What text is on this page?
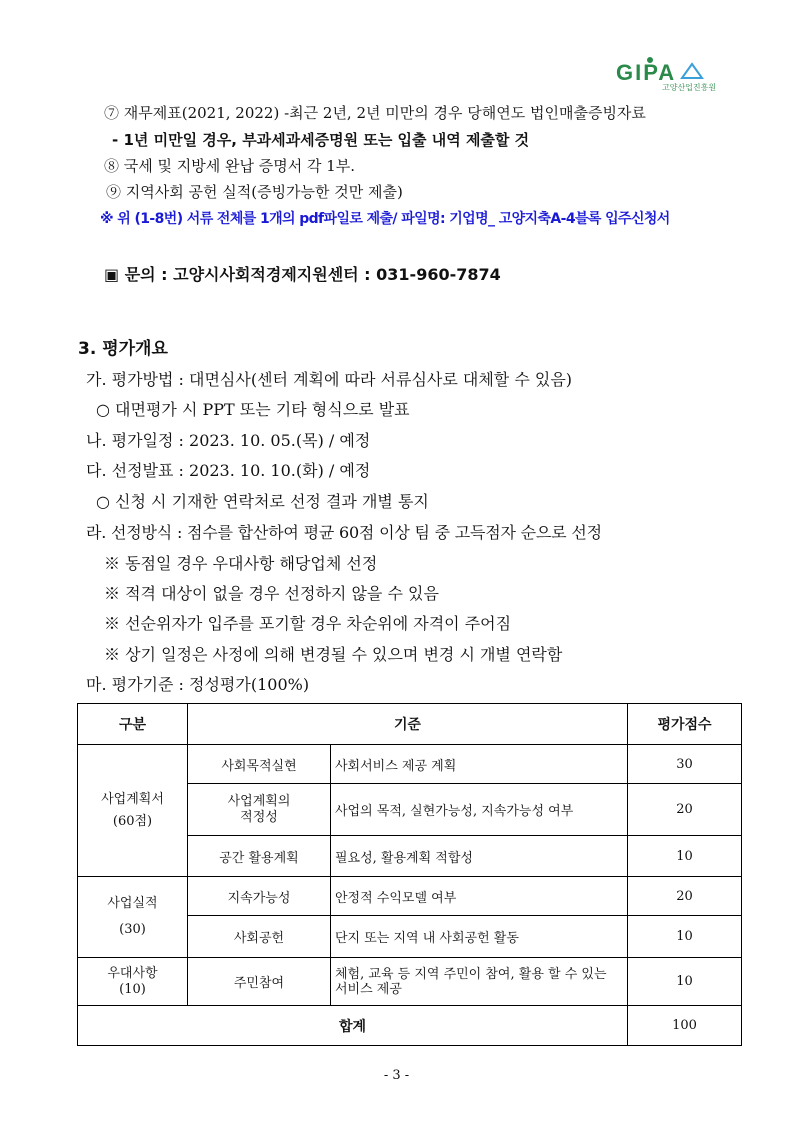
GIPA
고양산업진흥원
⑦ 재무제표(2021, 2022) -최근 2년, 2년 미만의 경우 당해연도 법인매출증빙자료
- 1년 미만일 경우, 부과세과세증명원 또는 입출 내역 제출할 것
⑧ 국세 및 지방세 완납 증명서 각 1부.
⑨ 지역사회 공헌 실적(증빙가능한 것만 제출)
※ 위 (1-8번) 서류 전체를 1개의 pdf파일로 제출/ 파일명: 기업명_ 고양지축A-4블록 입주신청서
▣ 문의 : 고양시사회적경제지원센터 : 031-960-7874
3. 평가개요
가. 평가방법 : 대면심사(센터 계획에 따라 서류심사로 대체할 수 있음)
○ 대면평가 시 PPT 또는 기타 형식으로 발표
나. 평가일정 : 2023. 10. 05.(목) / 예정
다. 선정발표 : 2023. 10. 10.(화) / 예정
○ 신청 시 기재한 연락처로 선정 결과 개별 통지
라. 선정방식 : 점수를 합산하여 평균 60점 이상 팀 중 고득점자 순으로 선정
※ 동점일 경우 우대사항 해당업체 선정
※ 적격 대상이 없을 경우 선정하지 않을 수 있음
※ 선순위자가 입주를 포기할 경우 차순위에 자격이 주어짐
※ 상기 일정은 사정에 의해 변경될 수 있으며 변경 시 개별 연락함
마. 평가기준 : 정성평가(100%)
구분	기준		평가점수
사업계획서
(60점)	사회목적실현	사회서비스 제공 계획	30
	사업계획의
적정성	사업의 목적, 실현가능성, 지속가능성 여부	20
	공간 활용계획	필요성, 활용계획 적합성	10
사업실적
(30)	지속가능성	안정적 수익모델 여부	20
	사회공헌	단지 또는 지역 내 사회공헌 활동	10
우대사항
(10)	주민참여	체험, 교육 등 지역 주민이 참여, 활용 할 수 있는 서비스 제공	10
합계			100
- 3 -
